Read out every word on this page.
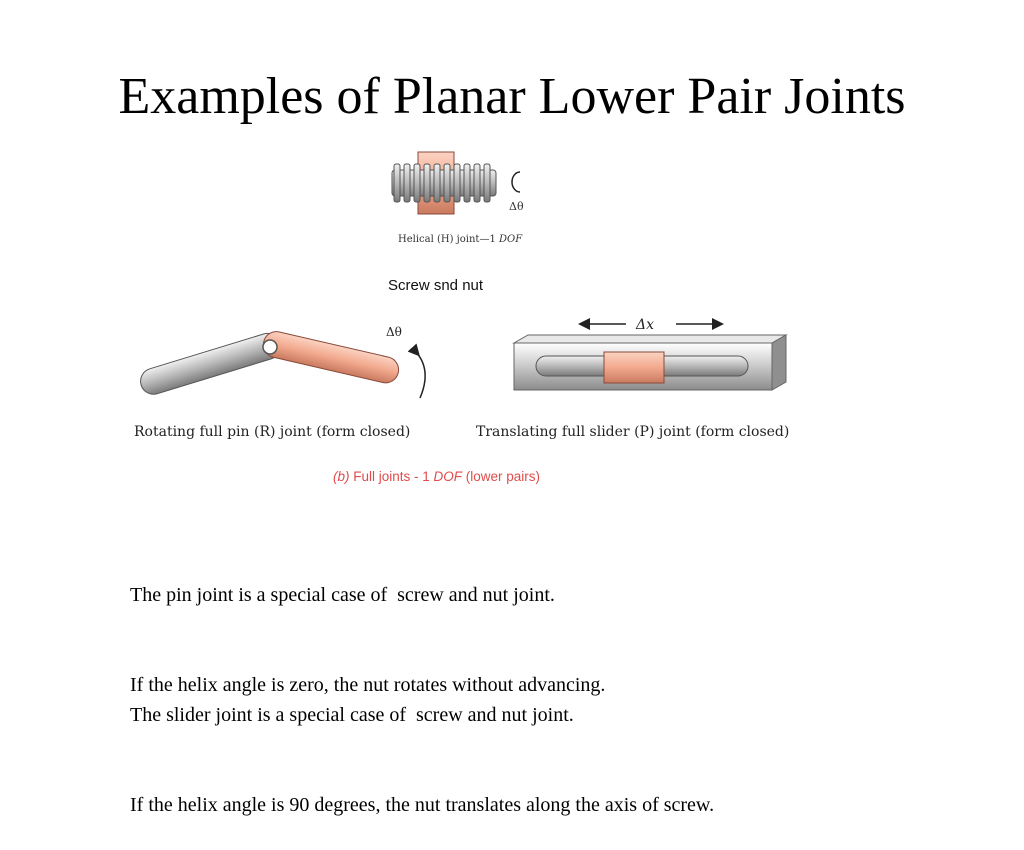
Examples of Planar Lower Pair Joints
Δθ
Helical (H) joint—1 DOF
Screw snd nut
Δθ
Rotating full pin (R) joint (form closed)
Δx
Translating full slider (P) joint (form closed)
(b) Full joints - 1 DOF (lower pairs)

The pin joint is a special case of  screw and nut joint.

If the helix angle is zero, the nut rotates without advancing.

The slider joint is a special case of  screw and nut joint.

If the helix angle is 90 degrees, the nut translates along the axis of screw.
